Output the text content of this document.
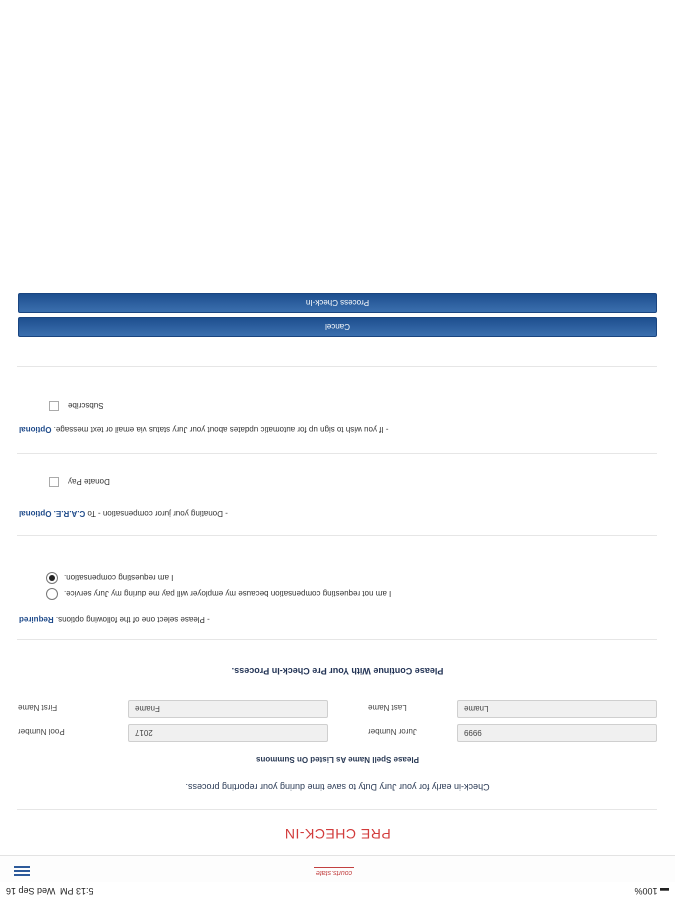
▬ 100%
5:13 PM
Wed Sep 16
courts.state
PRE CHECK-IN
Check-in early for your Jury Duty to save time during your reporting process.
Please Spell Name As Listed On Summons
Pool Number	2017	Juror Number	9999
First Name	Fname	Last Name	Lname
Please Continue With Your Pre Check-In Process.
- Please select one of the following options. Required
I am requesting compensation.
I am not requesting compensation because my employer will pay me during my Jury service.
- Donating your juror compensation - To C.A.R.E. Optional
Donate Pay
- If you wish to sign up for automatic updates about your Jury status via email or text message. Optional
Subscribe
Cancel
Process Check-In
